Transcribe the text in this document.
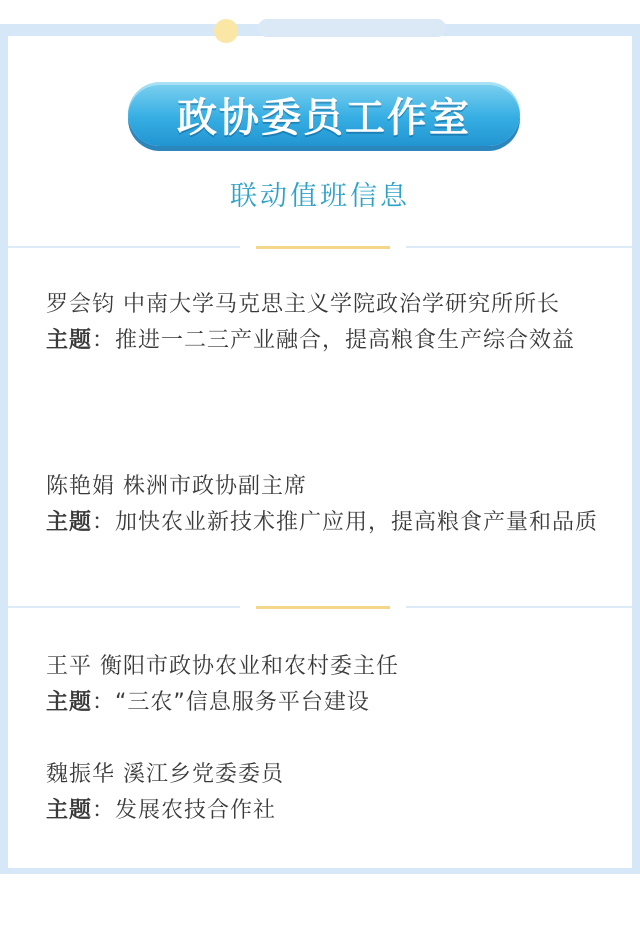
政协委员工作室
联动值班信息

罗会钧 中南大学马克思主义学院政治学研究所所长

主题：推进一二三产业融合，提高粮食生产综合效益

陈艳娟 株洲市政协副主席

主题：加快农业新技术推广应用，提高粮食产量和品质

王平 衡阳市政协农业和农村委主任

主题：“三农”信息服务平台建设

魏振华 溪江乡党委委员

主题：发展农技合作社
